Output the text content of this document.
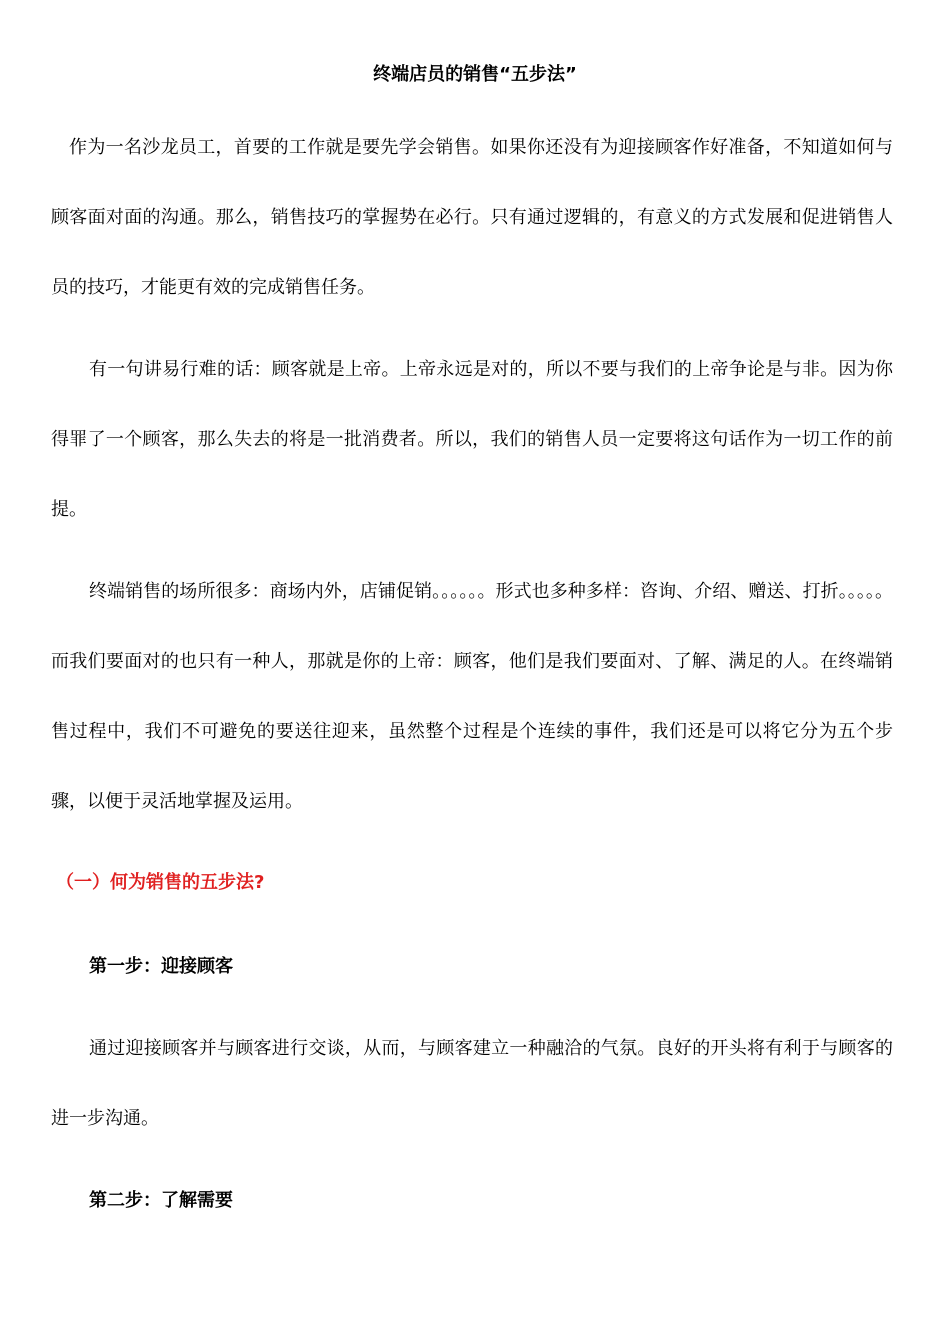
终端店员的销售“五步法”

作为一名沙龙员工，首要的工作就是要先学会销售。如果你还没有为迎接顾客作好准备，不知道如何与顾客面对面的沟通。那么，销售技巧的掌握势在必行。只有通过逻辑的，有意义的方式发展和促进销售人员的技巧，才能更有效的完成销售任务。

有一句讲易行难的话：顾客就是上帝。上帝永远是对的，所以不要与我们的上帝争论是与非。因为你得罪了一个顾客，那么失去的将是一批消费者。所以，我们的销售人员一定要将这句话作为一切工作的前提。

终端销售的场所很多：商场内外，店铺促销。。。。。。形式也多种多样：咨询、介绍、赠送、打折。。。。。而我们要面对的也只有一种人，那就是你的上帝：顾客，他们是我们要面对、了解、满足的人。在终端销售过程中，我们不可避免的要送往迎来，虽然整个过程是个连续的事件，我们还是可以将它分为五个步骤，以便于灵活地掌握及运用。

（一）何为销售的五步法?
第一步：迎接顾客

通过迎接顾客并与顾客进行交谈，从而，与顾客建立一种融洽的气氛。良好的开头将有利于与顾客的进一步沟通。

第二步：了解需要
